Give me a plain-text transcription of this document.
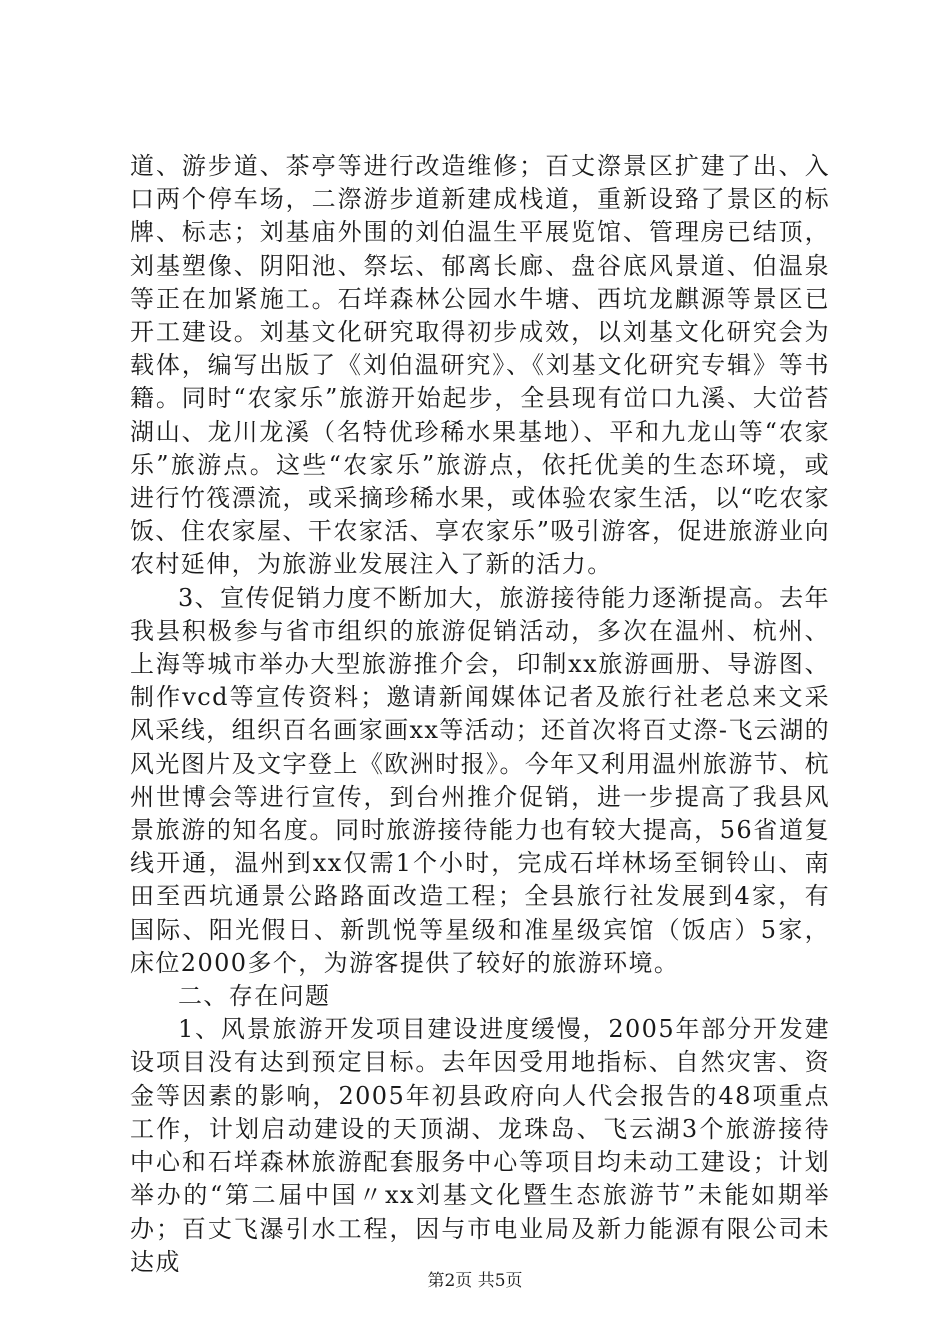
道、游步道、茶亭等进行改造维修；百丈漈景区扩建了出、入口两个停车场，二漈游步道新建成栈道，重新设臵了景区的标牌、标志；刘基庙外围的刘伯温生平展览馆、管理房已结顶，刘基塑像、阴阳池、祭坛、郁离长廊、盘谷底风景道、伯温泉等正在加紧施工。石垟森林公园水牛塘、西坑龙麒源等景区已开工建设。刘基文化研究取得初步成效，以刘基文化研究会为载体，编写出版了《刘伯温研究》、《刘基文化研究专辑》等书籍。同时“农家乐”旅游开始起步，全县现有峃口九溪、大峃苔湖山、龙川龙溪（名特优珍稀水果基地）、平和九龙山等“农家乐”旅游点。这些“农家乐”旅游点，依托优美的生态环境，或进行竹筏漂流，或采摘珍稀水果，或体验农家生活，以“吃农家饭、住农家屋、干农家活、享农家乐”吸引游客，促进旅游业向农村延伸，为旅游业发展注入了新的活力。

3、宣传促销力度不断加大，旅游接待能力逐渐提高。去年我县积极参与省市组织的旅游促销活动，多次在温州、杭州、上海等城市举办大型旅游推介会，印制xx旅游画册、导游图、制作vcd等宣传资料；邀请新闻媒体记者及旅行社老总来文采风采线，组织百名画家画xx等活动；还首次将百丈漈-飞云湖的风光图片及文字登上《欧洲时报》。今年又利用温州旅游节、杭州世博会等进行宣传，到台州推介促销，进一步提高了我县风景旅游的知名度。同时旅游接待能力也有较大提高，56省道复线开通，温州到xx仅需1个小时，完成石垟林场至铜铃山、南田至西坑通景公路路面改造工程；全县旅行社发展到4家，有国际、阳光假日、新凯悦等星级和准星级宾馆（饭店）5家，床位2000多个，为游客提供了较好的旅游环境。

二、存在问题

1、风景旅游开发项目建设进度缓慢，2005年部分开发建设项目没有达到预定目标。去年因受用地指标、自然灾害、资金等因素的影响，2005年初县政府向人代会报告的48项重点工作，计划启动建设的天顶湖、龙珠岛、飞云湖3个旅游接待中心和石垟森林旅游配套服务中心等项目均未动工建设；计划举办的“第二届中国〃xx刘基文化暨生态旅游节”未能如期举办；百丈飞瀑引水工程，因与市电业局及新力能源有限公司未达成

第2页 共5页
